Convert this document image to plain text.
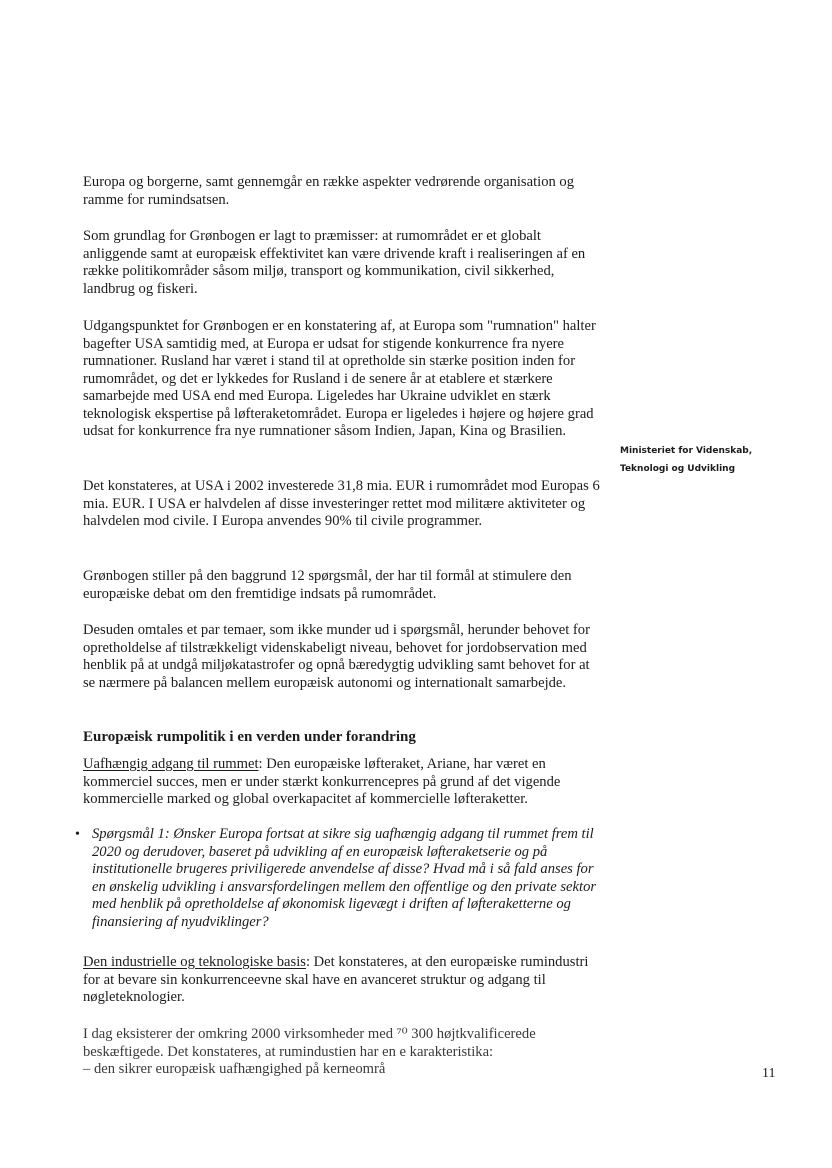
Europa og borgerne, samt gennemgår en række aspekter vedrørende organisation og ramme for rumindsatsen.

Som grundlag for Grønbogen er lagt to præmisser: at rumområdet er et globalt anliggende samt at europæisk effektivitet kan være drivende kraft i realiseringen af en række politikområder såsom miljø, transport og kommunikation, civil sikkerhed, landbrug og fiskeri.

Udgangspunktet for Grønbogen er en konstatering af, at Europa som "rumnation" halter bagefter USA samtidig med, at Europa er udsat for stigende konkurrence fra nyere rumnationer. Rusland har været i stand til at opretholde sin stærke position inden for rumområdet, og det er lykkedes for Rusland i de senere år at etablere et stærkere samarbejde med USA end med Europa. Ligeledes har Ukraine udviklet en stærk teknologisk ekspertise på løfteraketområdet. Europa er ligeledes i højere og højere grad udsat for konkurrence fra nye rumnationer såsom Indien, Japan, Kina og Brasilien.

Det konstateres, at USA i 2002 investerede 31,8 mia. EUR i rumområdet mod Europas 6 mia. EUR. I USA er halvdelen af disse investeringer rettet mod militære aktiviteter og halvdelen mod civile. I Europa anvendes 90% til civile programmer.

Grønbogen stiller på den baggrund 12 spørgsmål, der har til formål at stimulere den europæiske debat om den fremtidige indsats på rumområdet.

Desuden omtales et par temaer, som ikke munder ud i spørgsmål, herunder behovet for opretholdelse af tilstrækkeligt videnskabeligt niveau, behovet for jordobservation med henblik på at undgå miljøkatastrofer og opnå bæredygtig udvikling samt behovet for at se nærmere på balancen mellem europæisk autonomi og internationalt samarbejde.

Europæisk rumpolitik i en verden under forandring

Uafhængig adgang til rummet: Den europæiske løfteraket, Ariane, har været en kommerciel succes, men er under stærkt konkurrencepres på grund af det vigende kommercielle marked og global overkapacitet af kommercielle løfteraketter.

• Spørgsmål 1: Ønsker Europa fortsat at sikre sig uafhængig adgang til rummet frem til 2020 og derudover, baseret på udvikling af en europæisk løfteraketserie og på institutionelle brugeres priviligerede anvendelse af disse? Hvad må i så fald anses for en ønskelig udvikling i ansvarsfordelingen mellem den offentlige og den private sektor med henblik på opretholdelse af økonomisk ligevægt i driften af løfteraketterne og finansiering af nyudviklinger?

Den industrielle og teknologiske basis: Det konstateres, at den europæiske rumindustri for at bevare sin konkurrenceevne skal have en avanceret struktur og adgang til nøgleteknologier.

I dag eksisterer der omkring 2000 virksomheder med ⁷⁰ 300 højtkvalificerede
beskæftigede. Det konstateres, at rumindustien har en e karakteristika:
– den sikrer europæisk uafhængighed på kerneområ
Ministeriet for Videnskab,
Teknologi og Udvikling
11
